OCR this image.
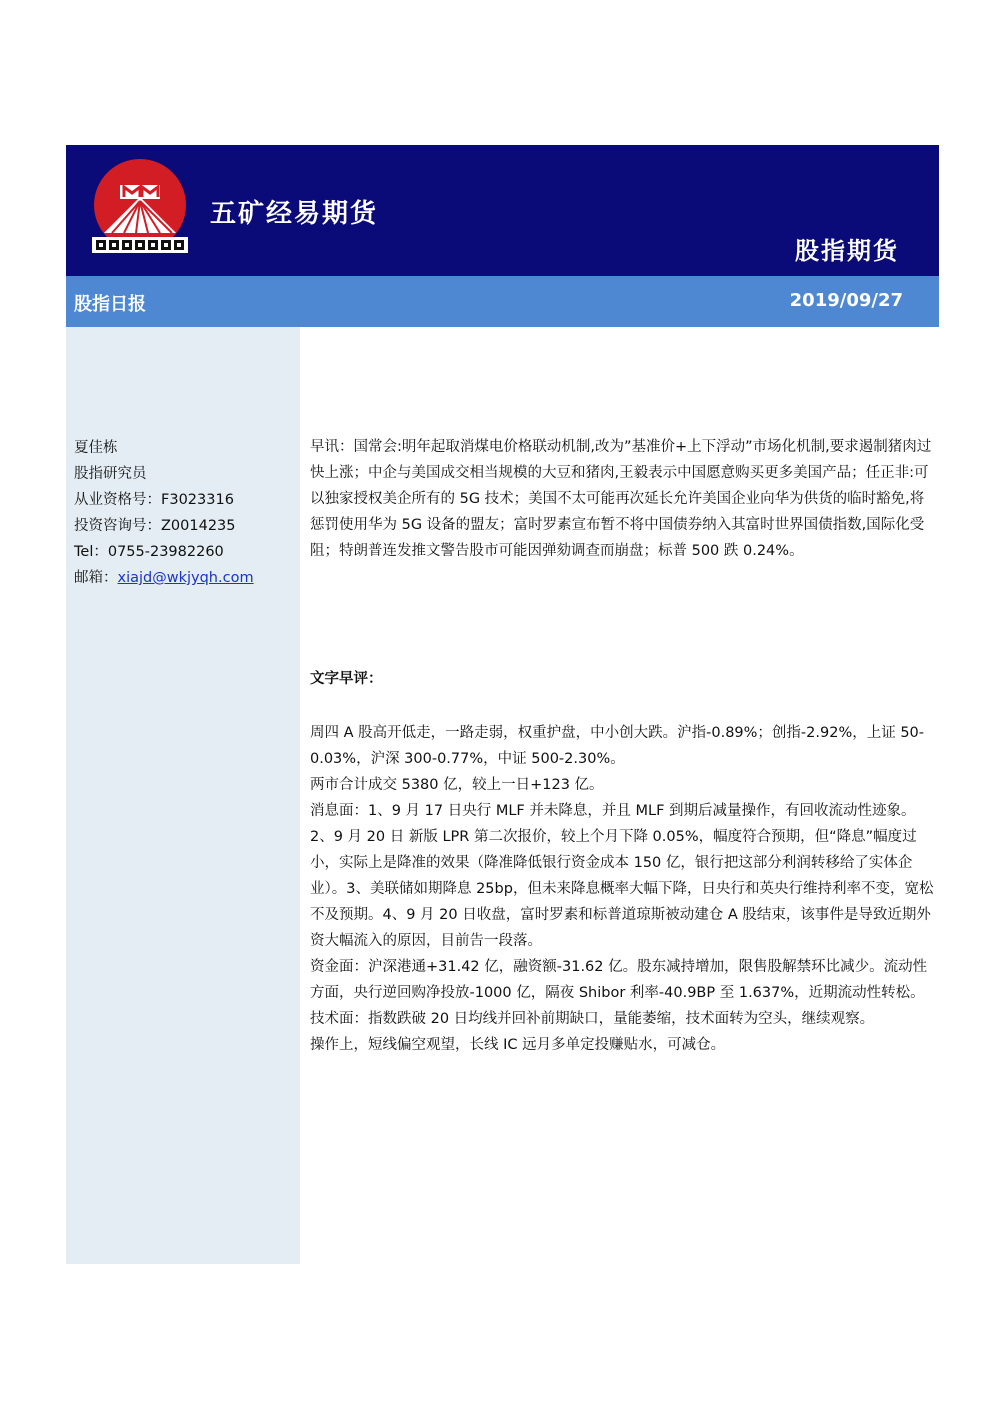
五矿经易期货
股指期货
股指日报	2019/09/27
夏佳栋
股指研究员
从业资格号：F3023316
投资咨询号：Z0014235
Tel：0755-23982260
邮箱：xiajd@wkjyqh.com
早讯：国常会:明年起取消煤电价格联动机制,改为”基准价+上下浮动”市场化机制,要求遏制猪肉过快上涨；中企与美国成交相当规模的大豆和猪肉,王毅表示中国愿意购买更多美国产品；任正非:可以独家授权美企所有的 5G 技术；美国不太可能再次延长允许美国企业向华为供货的临时豁免,将惩罚使用华为 5G 设备的盟友；富时罗素宣布暂不将中国债券纳入其富时世界国债指数,国际化受阻；特朗普连发推文警告股市可能因弹劾调查而崩盘；标普 500 跌 0.24%。
文字早评：

周四 A 股高开低走，一路走弱，权重护盘，中小创大跌。沪指-0.89%；创指-2.92%，上证 50-0.03%，沪深 300-0.77%，中证 500-2.30%。

两市合计成交 5380 亿，较上一日+123 亿。

消息面：1、9 月 17 日央行 MLF 并未降息，并且 MLF 到期后减量操作，有回收流动性迹象。2、9 月 20 日 新版 LPR 第二次报价，较上个月下降 0.05%，幅度符合预期，但“降息”幅度过小，实际上是降准的效果（降准降低银行资金成本 150 亿，银行把这部分利润转移给了实体企业）。3、美联储如期降息 25bp，但未来降息概率大幅下降，日央行和英央行维持利率不变，宽松不及预期。4、9 月 20 日收盘，富时罗素和标普道琼斯被动建仓 A 股结束，该事件是导致近期外资大幅流入的原因，目前告一段落。

资金面：沪深港通+31.42 亿，融资额-31.62 亿。股东减持增加，限售股解禁环比减少。流动性方面，央行逆回购净投放-1000 亿，隔夜 Shibor 利率-40.9BP 至 1.637%，近期流动性转松。

技术面：指数跌破 20 日均线并回补前期缺口，量能萎缩，技术面转为空头，继续观察。

操作上，短线偏空观望，长线 IC 远月多单定投赚贴水，可减仓。
